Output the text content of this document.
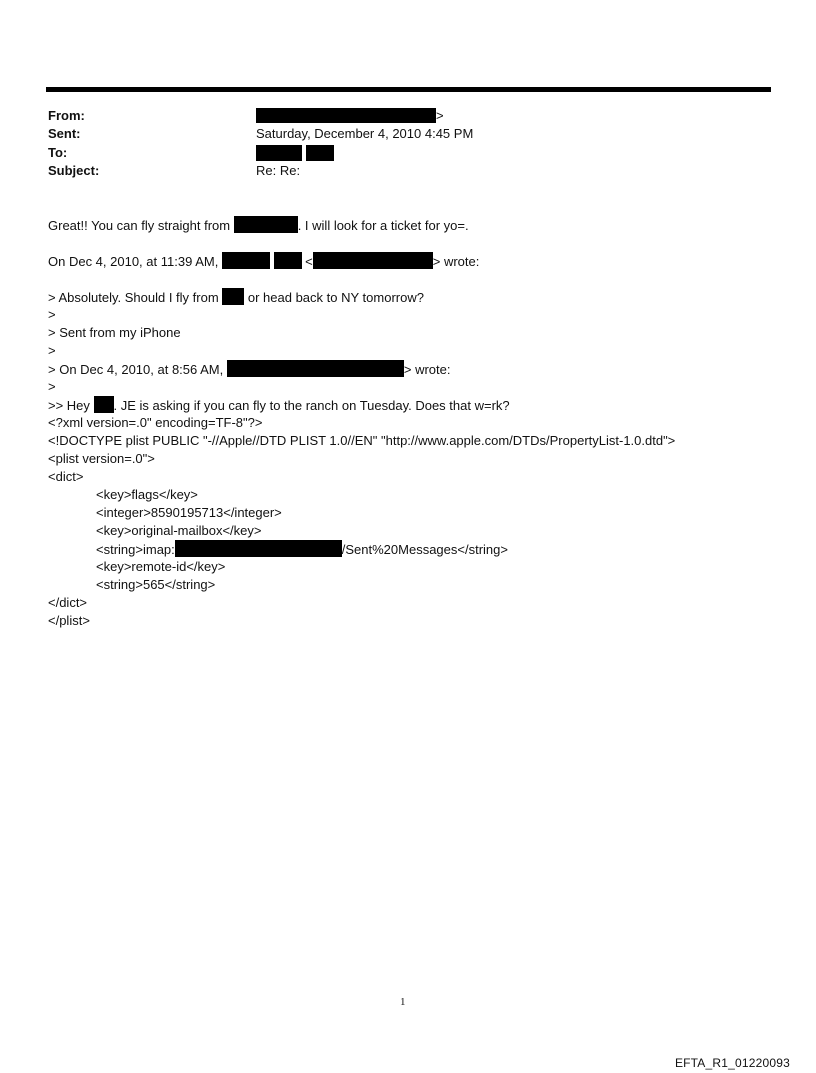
From:	>
Sent:	Saturday, December 4, 2010 4:45 PM
To:

Subject:	Re: Re:
Great!! You can fly straight from	. I will look for a ticket for yo=.
On Dec 4, 2010, at 11:39 AM,	<	> wrote:
> Absolutely. Should I fly from  or head back to NY tomorrow?
>
> Sent from my iPhone
>
> On Dec 4, 2010, at 8:56 AM,	> wrote:
>
>> Hey . JE is asking if you can fly to the ranch on Tuesday. Does that w=rk?
<?xml version=.0" encoding=TF-8"?>
<!DOCTYPE plist PUBLIC "-//Apple//DTD PLIST 1.0//EN" "http://www.apple.com/DTDs/PropertyList-1.0.dtd">
<plist version=.0">
<dict>
<key>flags</key>
<integer>8590195713</integer>
<key>original-mailbox</key>
<string>imap:	/Sent%20Messages</string>
<key>remote-id</key>
<string>565</string>
</dict>
</plist>
1
EFTA_R1_01220093
